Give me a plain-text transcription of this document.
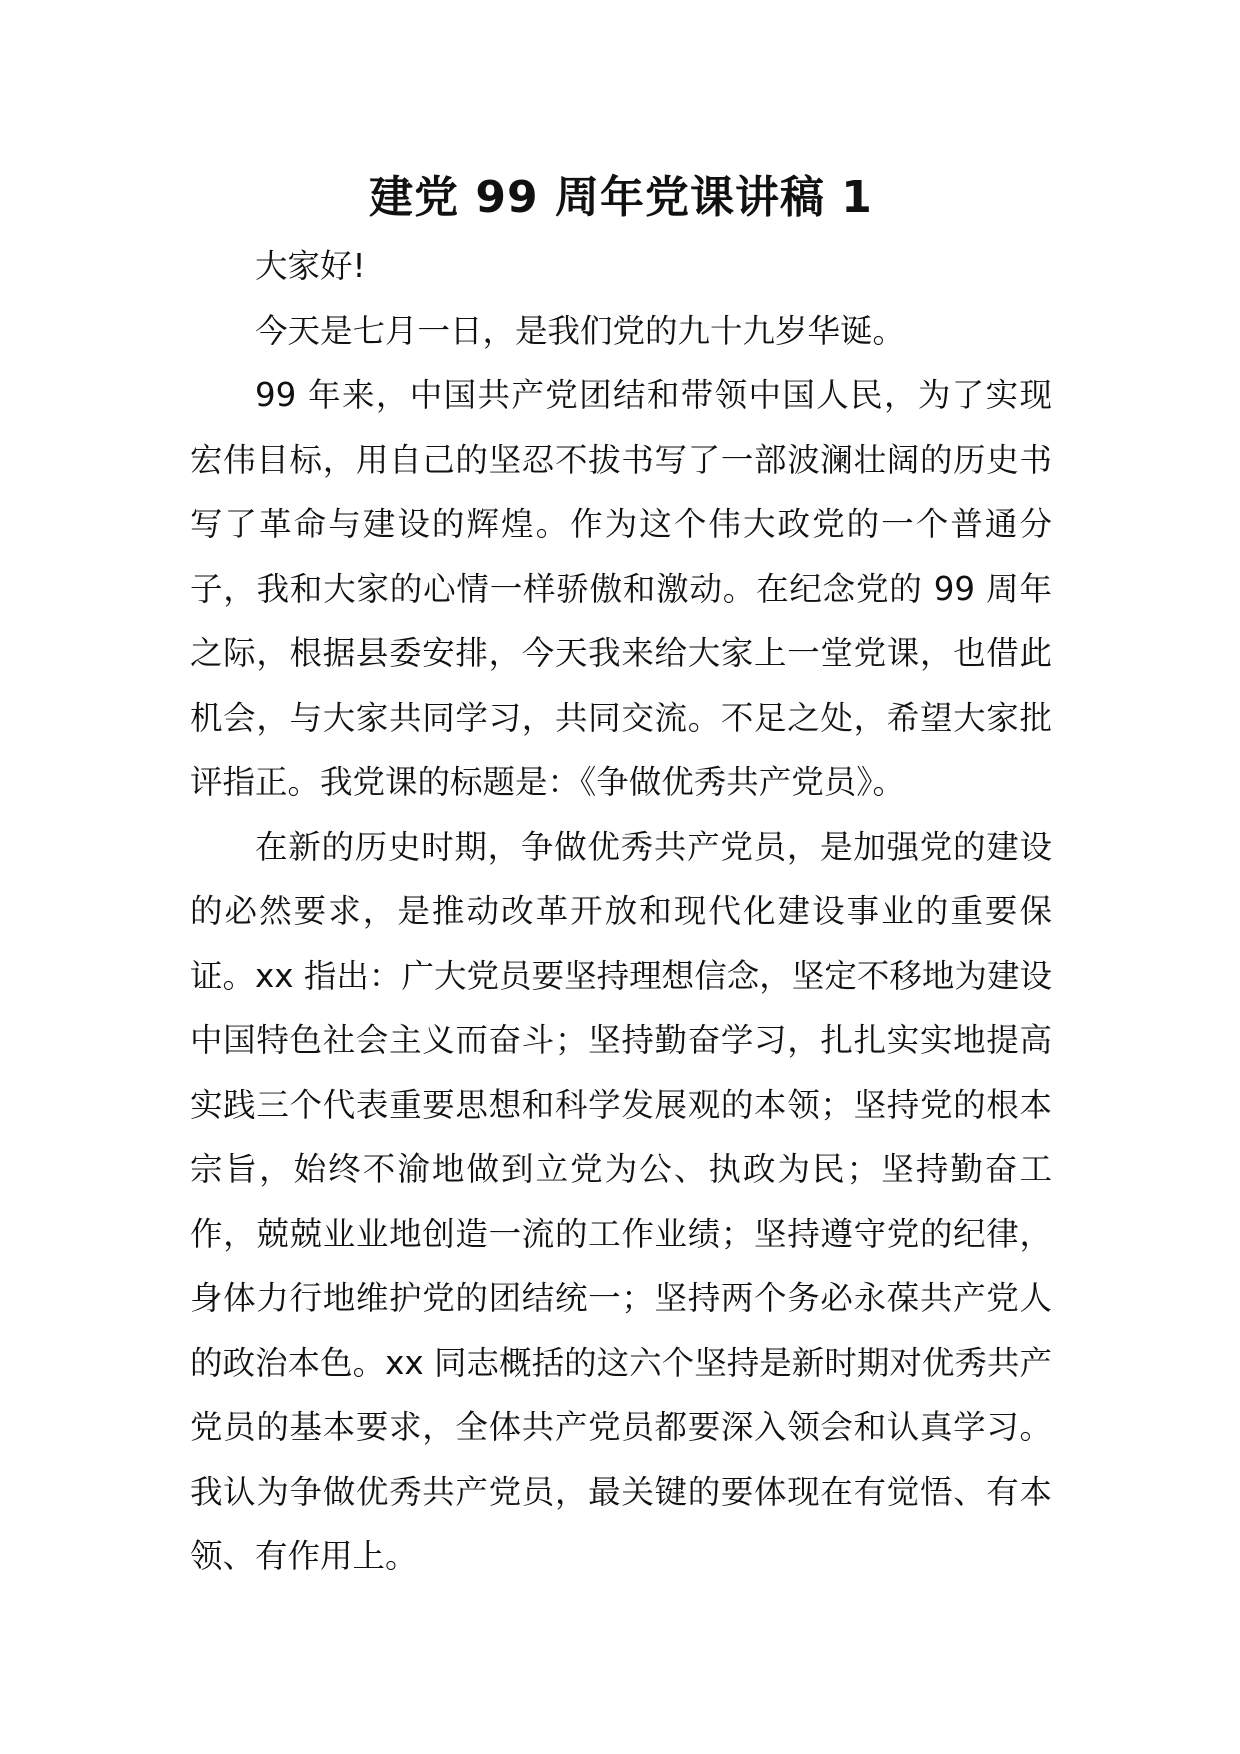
建党 99 周年党课讲稿 1

大家好!

今天是七月一日，是我们党的九十九岁华诞。

99 年来，中国共产党团结和带领中国人民，为了实现宏伟目标，用自己的坚忍不拔书写了一部波澜壮阔的历史书写了革命与建设的辉煌。作为这个伟大政党的一个普通分子，我和大家的心情一样骄傲和激动。在纪念党的 99 周年之际，根据县委安排，今天我来给大家上一堂党课，也借此机会，与大家共同学习，共同交流。不足之处，希望大家批评指正。我党课的标题是：《争做优秀共产党员》。

在新的历史时期，争做优秀共产党员，是加强党的建设的必然要求，是推动改革开放和现代化建设事业的重要保证。xx 指出：广大党员要坚持理想信念，坚定不移地为建设中国特色社会主义而奋斗；坚持勤奋学习，扎扎实实地提高实践三个代表重要思想和科学发展观的本领；坚持党的根本宗旨，始终不渝地做到立党为公、执政为民；坚持勤奋工作，兢兢业业地创造一流的工作业绩；坚持遵守党的纪律，身体力行地维护党的团结统一；坚持两个务必永葆共产党人的政治本色。xx 同志概括的这六个坚持是新时期对优秀共产党员的基本要求，全体共产党员都要深入领会和认真学习。我认为争做优秀共产党员，最关键的要体现在有觉悟、有本领、有作用上。
